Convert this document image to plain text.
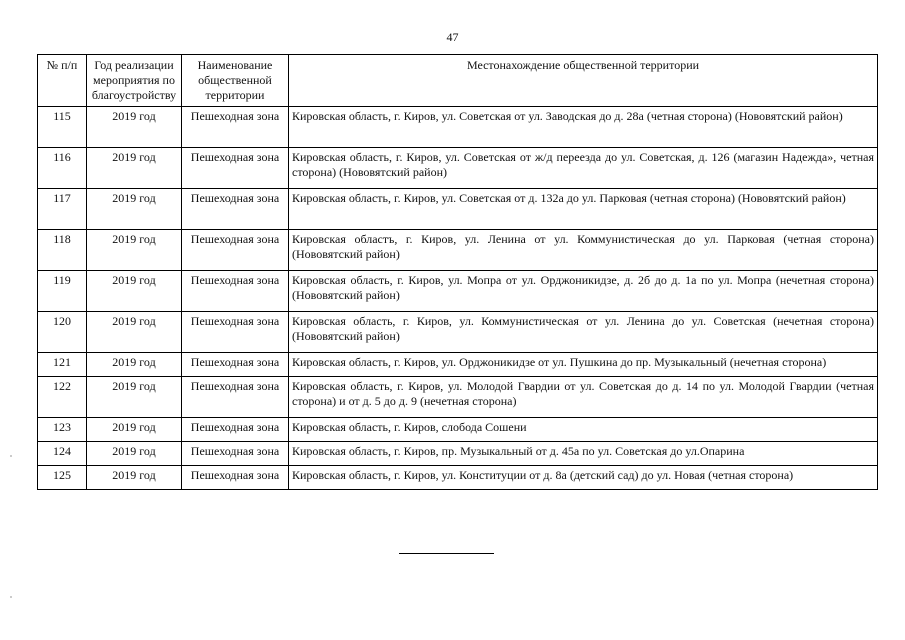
47
№ п/п	Год реализации мероприятия по благоустройству	Наименование общественной территории	Местонахождение общественной территории
115	2019 год	Пешеходная зона	Кировская область, г. Киров, ул. Советская от ул. Заводская до д. 28а (четная сторона) (Нововятский район)
116	2019 год	Пешеходная зона	Кировская область, г. Киров, ул. Советская от ж/д переезда до ул. Советская, д. 126 (магазин Надежда», четная сторона) (Нововятский район)
117	2019 год	Пешеходная зона	Кировская область, г. Киров, ул. Советская от д. 132а до ул. Парковая (четная сторона) (Нововятский район)
118	2019 год	Пешеходная зона	Кировская областъ, г. Киров, ул. Ленина от ул. Коммунистическая до ул. Парковая (четная сторона) (Нововятский район)
119	2019 год	Пешеходная зона	Кировская область, г. Киров, ул. Мопра от ул. Орджоникидзе, д. 2б до д. 1а по ул. Мопра (нечетная сторона) (Нововятский район)
120	2019 год	Пешеходная зона	Кировская область, г. Киров, ул. Коммунистическая от ул. Ленина до ул. Советская (нечетная сторона) (Нововятский район)
121	2019 год	Пешеходная зона	Кировская область, г. Киров, ул. Орджоникидзе от ул. Пушкина до пр. Музыкальный (нечетная сторона)
122	2019 год	Пешеходная зона	Кировская область, г. Киров, ул. Молодой Гвардии от ул. Советская до д. 14 по ул. Молодой Гвардии (четная сторона) и от д. 5 до д. 9 (нечетная сторона)
123	2019 год	Пешеходная зона	Кировская область, г. Киров, слобода Сошени
124	2019 год	Пешеходная зона	Кировская область, г. Киров, пр. Музыкальный от д. 45а по ул. Советская до ул.Опарина
125	2019 год	Пешеходная зона	Кировская область, г. Киров, ул. Конституции от д. 8а (детский сад) до ул. Новая (четная сторона)
